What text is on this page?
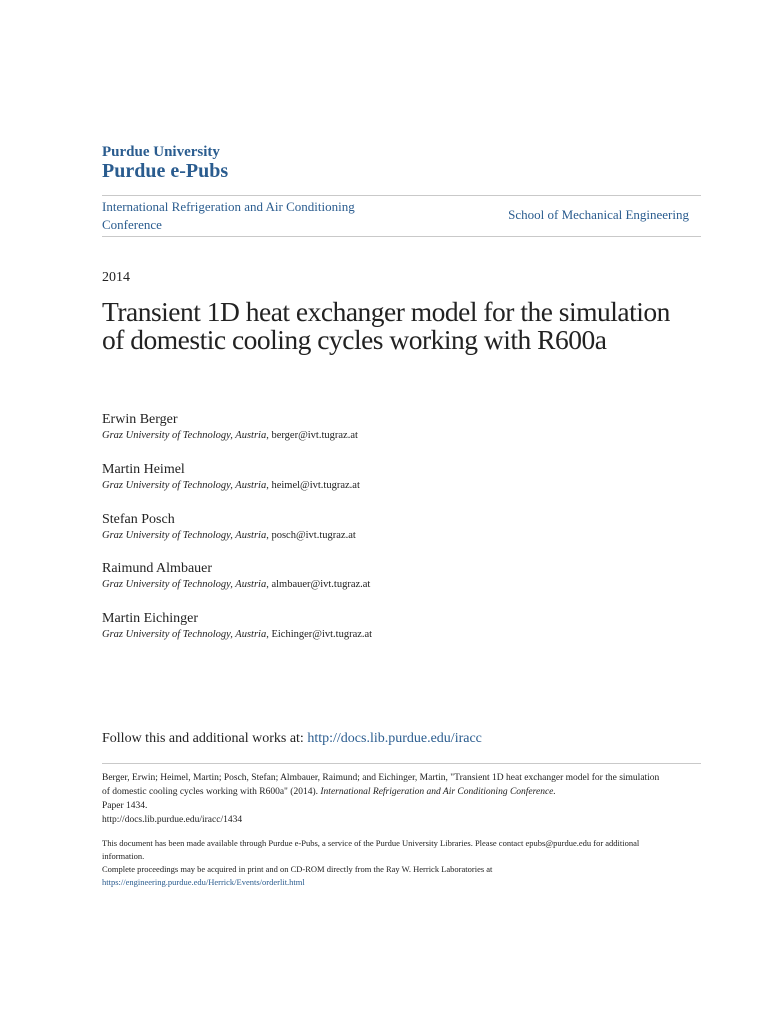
Purdue University
Purdue e-Pubs
International Refrigeration and Air Conditioning Conference
School of Mechanical Engineering
2014
Transient 1D heat exchanger model for the simulation of domestic cooling cycles working with R600a
Erwin Berger
Graz University of Technology, Austria, berger@ivt.tugraz.at
Martin Heimel
Graz University of Technology, Austria, heimel@ivt.tugraz.at
Stefan Posch
Graz University of Technology, Austria, posch@ivt.tugraz.at
Raimund Almbauer
Graz University of Technology, Austria, almbauer@ivt.tugraz.at
Martin Eichinger
Graz University of Technology, Austria, Eichinger@ivt.tugraz.at
Follow this and additional works at: http://docs.lib.purdue.edu/iracc
Berger, Erwin; Heimel, Martin; Posch, Stefan; Almbauer, Raimund; and Eichinger, Martin, "Transient 1D heat exchanger model for the simulation of domestic cooling cycles working with R600a" (2014). International Refrigeration and Air Conditioning Conference.
Paper 1434.
http://docs.lib.purdue.edu/iracc/1434
This document has been made available through Purdue e-Pubs, a service of the Purdue University Libraries. Please contact epubs@purdue.edu for additional information.
Complete proceedings may be acquired in print and on CD-ROM directly from the Ray W. Herrick Laboratories at https://engineering.purdue.edu/Herrick/Events/orderlit.html
